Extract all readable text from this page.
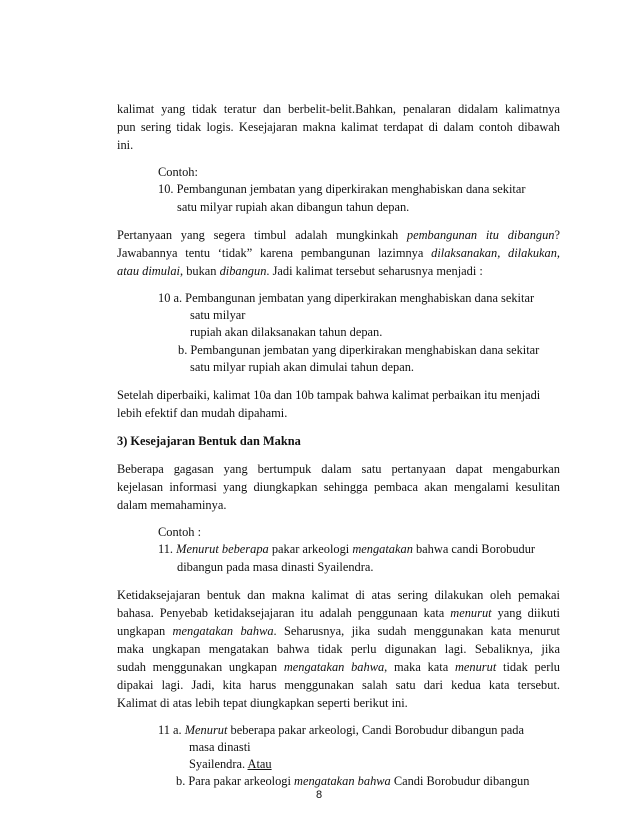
kalimat yang tidak teratur dan berbelit-belit.Bahkan, penalaran didalam kalimatnya
pun sering tidak logis. Kesejajaran makna kalimat terdapat di dalam contoh dibawah
ini.
Contoh:
10. Pembangunan jembatan yang diperkirakan menghabiskan dana sekitar
satu milyar rupiah akan dibangun tahun depan.
Pertanyaan yang segera timbul adalah mungkinkah pembangunan itu dibangun?
Jawabannya tentu ‘tidak” karena pembangunan lazimnya dilaksanakan, dilakukan,
atau dimulai, bukan dibangun. Jadi kalimat tersebut seharusnya menjadi :
10 a. Pembangunan jembatan yang diperkirakan menghabiskan dana sekitar
satu milyar
rupiah akan dilaksanakan tahun depan.
b. Pembangunan jembatan yang diperkirakan menghabiskan dana sekitar
satu milyar rupiah akan dimulai tahun depan.
Setelah diperbaiki, kalimat 10a dan 10b tampak bahwa kalimat perbaikan itu menjadi
lebih efektif dan mudah dipahami.
3) Kesejajaran Bentuk dan Makna
Beberapa gagasan yang bertumpuk dalam satu pertanyaan dapat mengaburkan
kejelasan informasi yang diungkapkan sehingga pembaca akan mengalami kesulitan
dalam memahaminya.
Contoh :
11. Menurut beberapa pakar arkeologi mengatakan bahwa candi Borobudur
dibangun pada masa dinasti Syailendra.
Ketidaksejajaran bentuk dan makna kalimat di atas sering dilakukan oleh pemakai
bahasa. Penyebab ketidaksejajaran itu adalah penggunaan kata menurut yang diikuti
ungkapan mengatakan bahwa. Seharusnya, jika sudah menggunakan kata menurut
maka ungkapan mengatakan bahwa tidak perlu digunakan lagi. Sebaliknya, jika
sudah menggunakan ungkapan mengatakan bahwa, maka kata menurut tidak perlu
dipakai lagi. Jadi, kita harus menggunakan salah satu dari kedua kata tersebut.
Kalimat di atas lebih tepat diungkapkan seperti berikut ini.
11 a. Menurut beberapa pakar arkeologi, Candi Borobudur dibangun pada
masa dinasti
Syailendra. Atau
b. Para pakar arkeologi mengatakan bahwa Candi Borobudur dibangun
8
